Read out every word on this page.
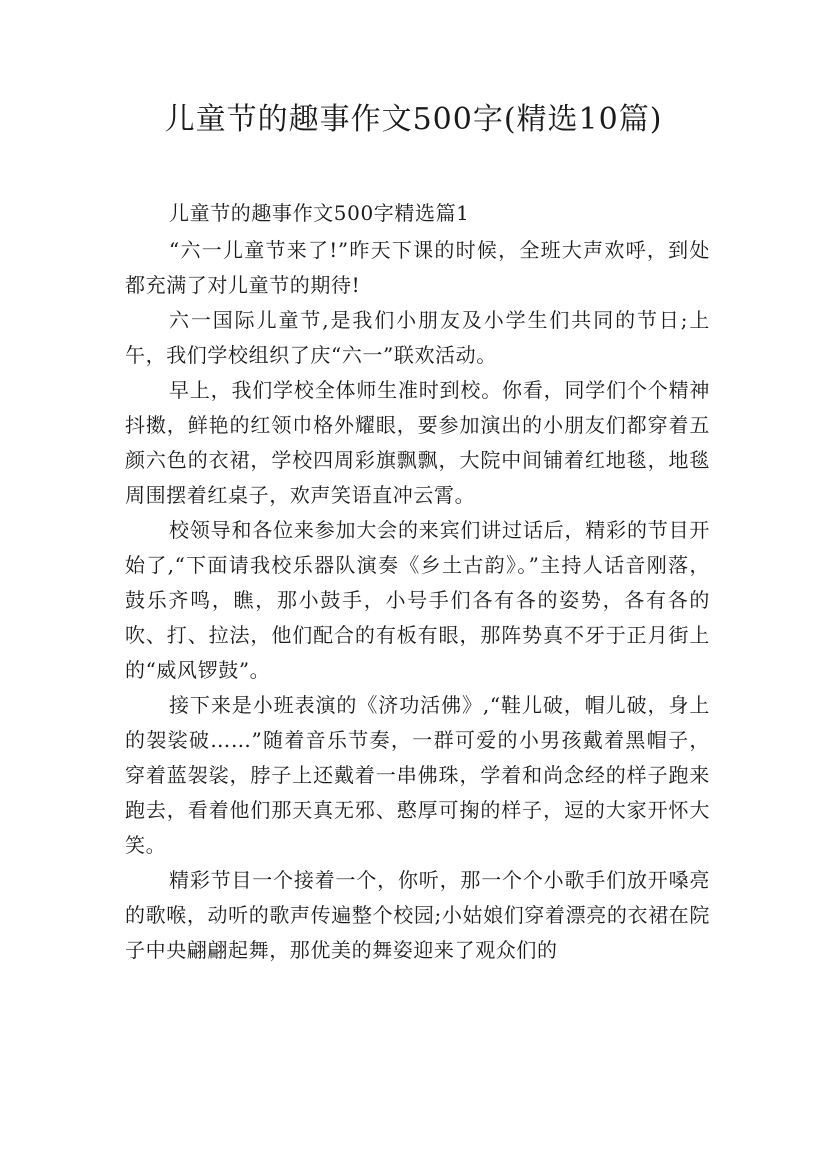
儿童节的趣事作文500字(精选10篇)

儿童节的趣事作文500字精选篇1

“六一儿童节来了!”昨天下课的时候，全班大声欢呼，到处都充满了对儿童节的期待!

六一国际儿童节,是我们小朋友及小学生们共同的节日;上午，我们学校组织了庆“六一”联欢活动。

早上，我们学校全体师生准时到校。你看，同学们个个精神抖擞，鲜艳的红领巾格外耀眼，要参加演出的小朋友们都穿着五颜六色的衣裙，学校四周彩旗飘飘，大院中间铺着红地毯，地毯周围摆着红桌子，欢声笑语直冲云霄。

校领导和各位来参加大会的来宾们讲过话后，精彩的节目开始了,“下面请我校乐器队演奏《乡土古韵》。”主持人话音刚落，鼓乐齐鸣，瞧，那小鼓手，小号手们各有各的姿势，各有各的吹、打、拉法，他们配合的有板有眼，那阵势真不牙于正月街上的“威风锣鼓”。

接下来是小班表演的《济功活佛》,“鞋儿破，帽儿破，身上的袈裟破……”随着音乐节奏，一群可爱的小男孩戴着黑帽子，穿着蓝袈裟，脖子上还戴着一串佛珠，学着和尚念经的样子跑来跑去，看着他们那天真无邪、憨厚可掬的样子，逗的大家开怀大笑。

精彩节目一个接着一个，你听，那一个个小歌手们放开嗓亮的歌喉，动听的歌声传遍整个校园;小姑娘们穿着漂亮的衣裙在院子中央翩翩起舞，那优美的舞姿迎来了观众们的
